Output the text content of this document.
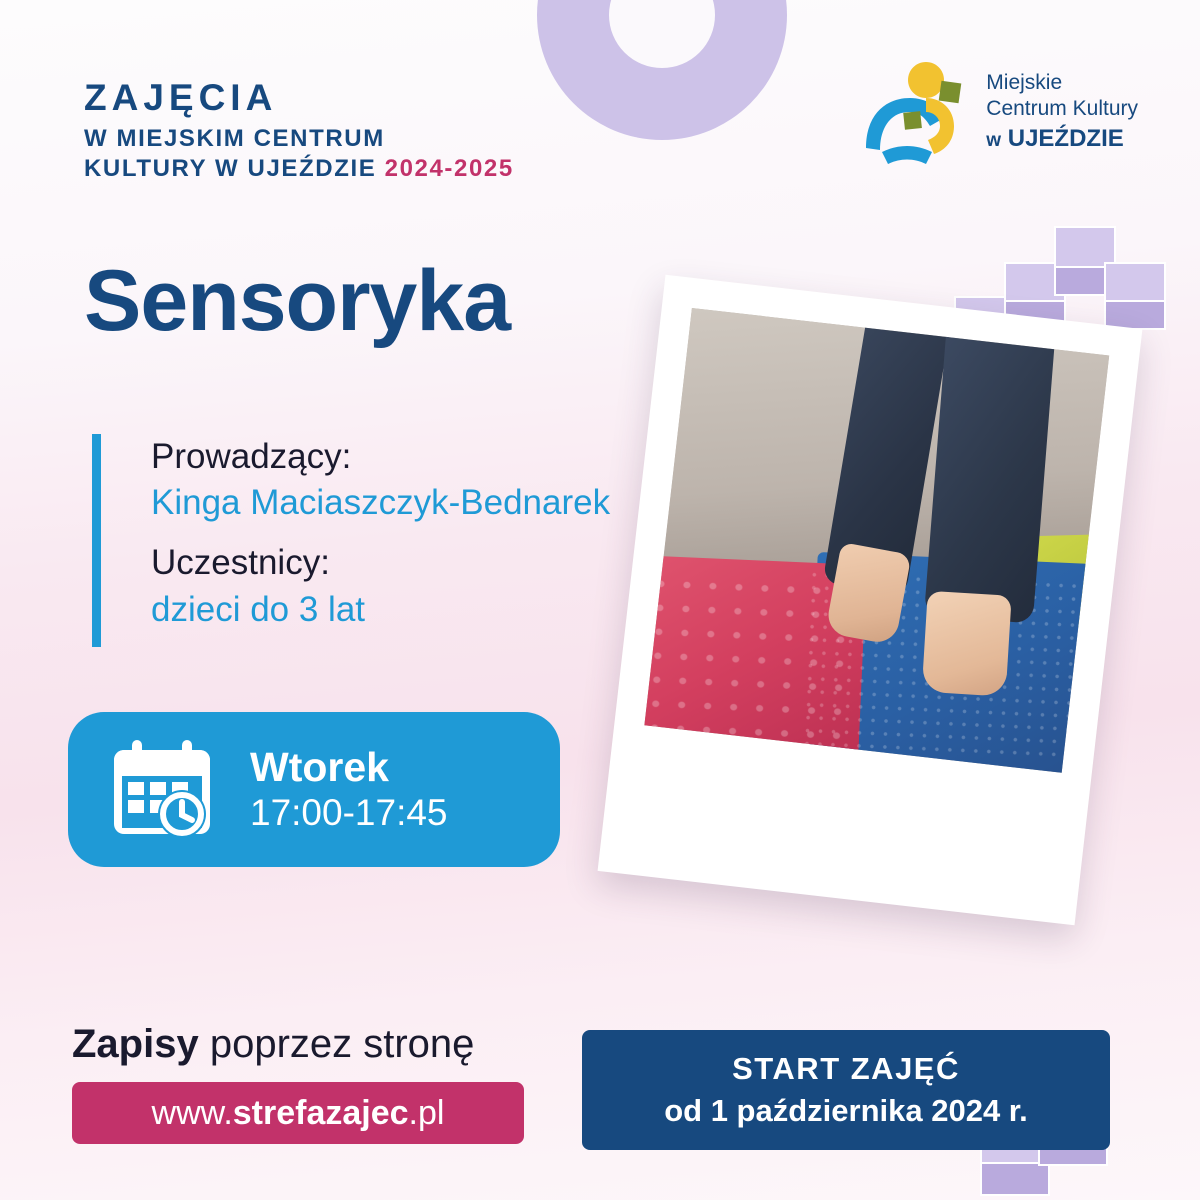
ZAJĘCIA
W MIEJSKIM CENTRUM
KULTURY W UJEŹDZIE 2024-2025
Miejskie
Centrum Kultury
w UJEŹDZIE
Sensoryka
Prowadzący:
Kinga Maciaszczyk-Bednarek
Uczestnicy:
dzieci do 3 lat
Wtorek
17:00-17:45
Zapisy poprzez stronę
www. strefazajec .pl
START ZAJĘĆ
od 1 października 2024 r.
